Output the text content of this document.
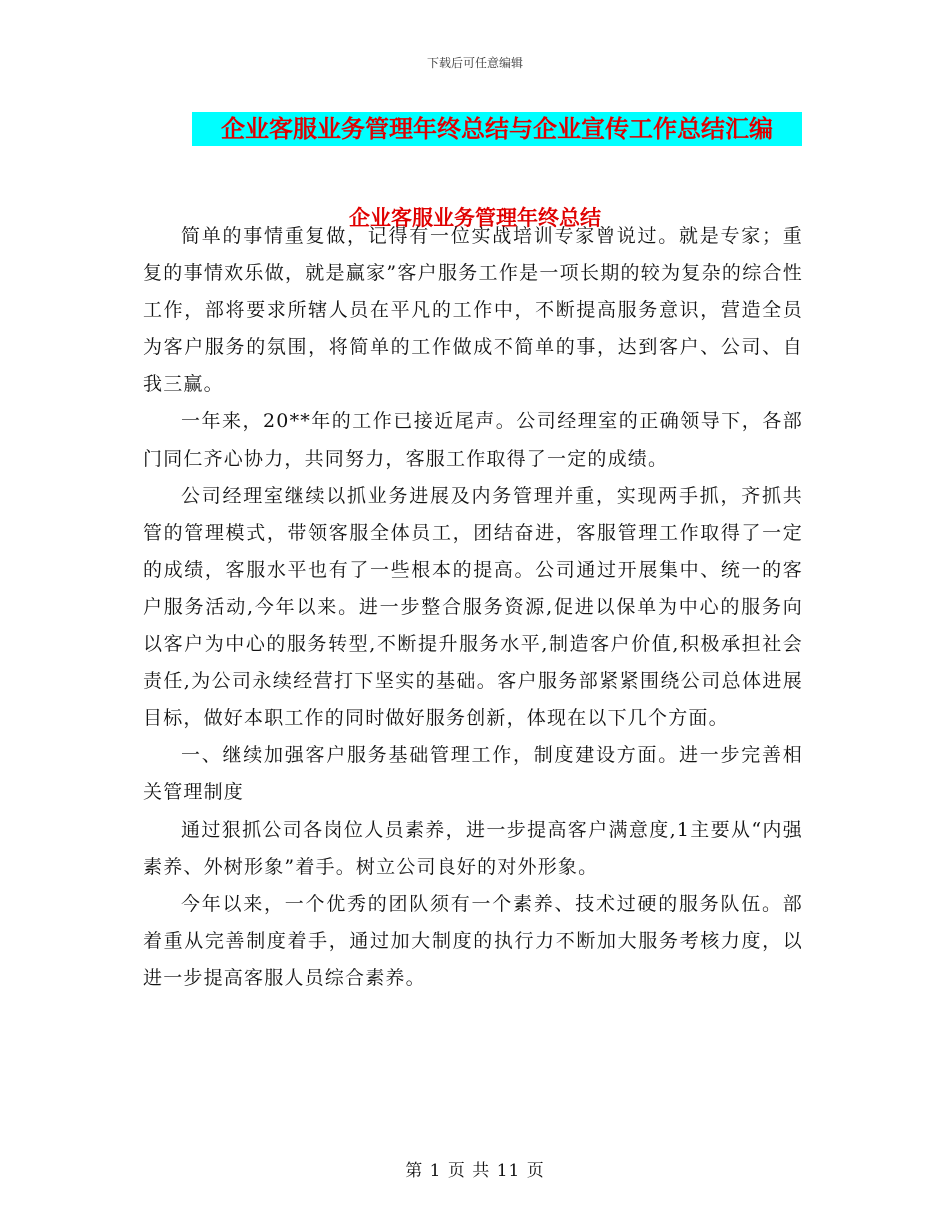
下载后可任意编辑
企业客服业务管理年终总结与企业宣传工作总结汇编
企业客服业务管理年终总结

简单的事情重复做，记得有一位实战培训专家曾说过。就是专家；重复的事情欢乐做，就是赢家”客户服务工作是一项长期的较为复杂的综合性工作，部将要求所辖人员在平凡的工作中，不断提高服务意识，营造全员为客户服务的氛围，将简单的工作做成不简单的事，达到客户、公司、自我三赢。

一年来，20**年的工作已接近尾声。公司经理室的正确领导下，各部门同仁齐心协力，共同努力，客服工作取得了一定的成绩。

公司经理室继续以抓业务进展及内务管理并重，实现两手抓，齐抓共管的管理模式，带领客服全体员工，团结奋进，客服管理工作取得了一定的成绩，客服水平也有了一些根本的提高。公司通过开展集中、统一的客户服务活动,今年以来。进一步整合服务资源,促进以保单为中心的服务向以客户为中心的服务转型,不断提升服务水平,制造客户价值,积极承担社会责任,为公司永续经营打下坚实的基础。客户服务部紧紧围绕公司总体进展目标，做好本职工作的同时做好服务创新，体现在以下几个方面。

一、继续加强客户服务基础管理工作，制度建设方面。进一步完善相关管理制度

通过狠抓公司各岗位人员素养，进一步提高客户满意度,1主要从“内强素养、外树形象”着手。树立公司良好的对外形象。

今年以来，一个优秀的团队须有一个素养、技术过硬的服务队伍。部着重从完善制度着手，通过加大制度的执行力不断加大服务考核力度，以进一步提高客服人员综合素养。

第 1 页 共 11 页
